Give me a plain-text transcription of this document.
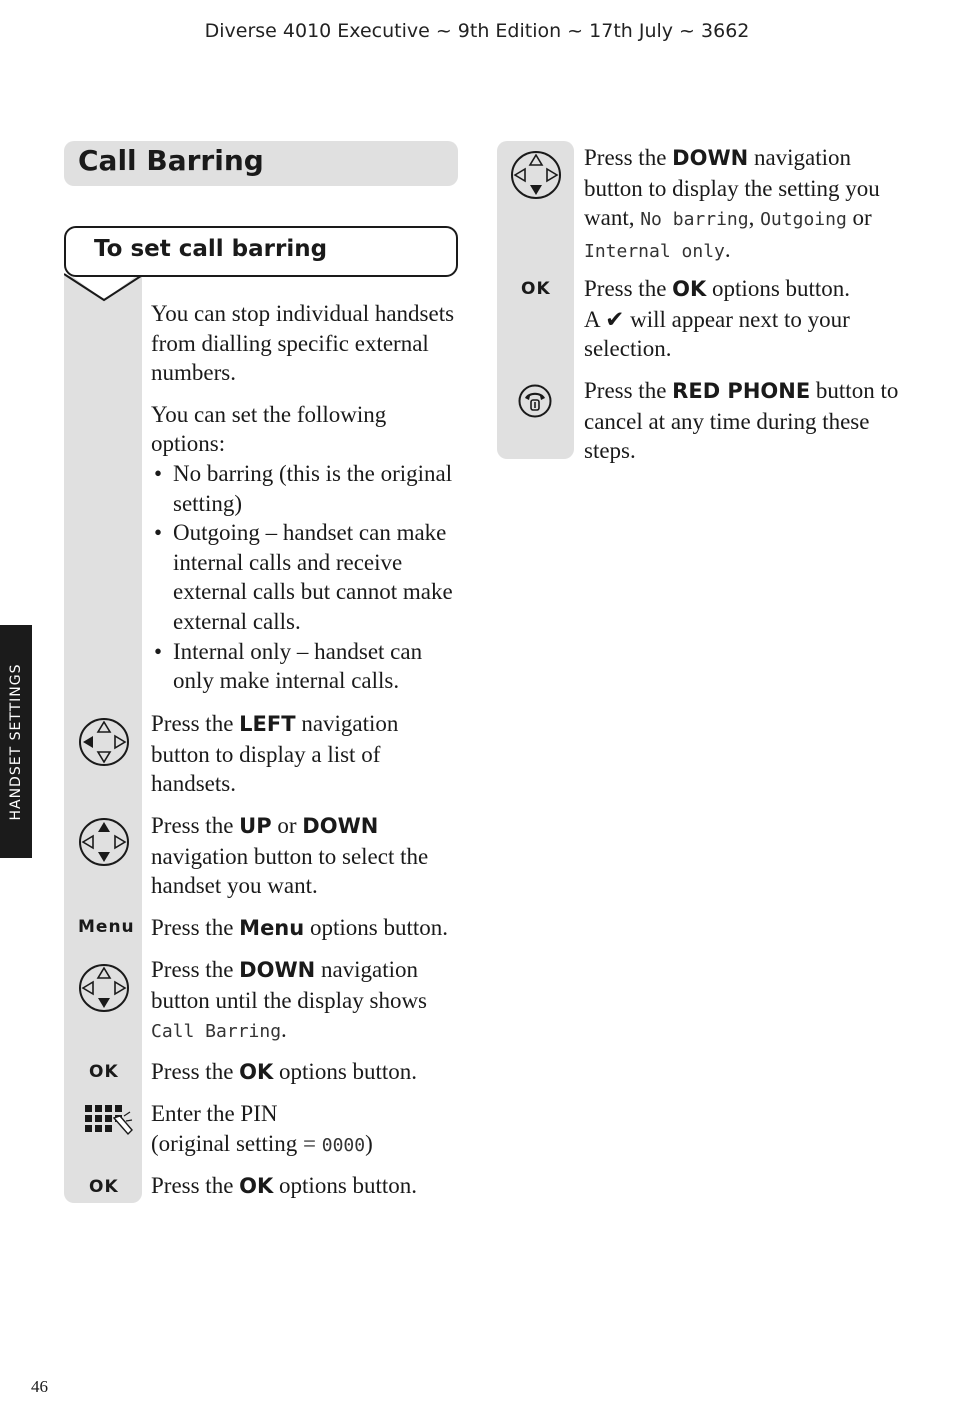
Diverse 4010 Executive ~ 9th Edition ~ 17th July ~ 3662
HANDSET SETTINGS
46
Call Barring
To set call barring

You can stop individual handsets from dialling specific external numbers.

You can set the following options:

• No barring (this is the original setting)
• Outgoing – handset can make internal calls and receive external calls but cannot make external calls.
• Internal only – handset can only make internal calls.
Press the LEFT navigation button to display a list of handsets.
Press the UP or DOWN navigation button to select the handset you want.
Menu Press the Menu options button.
Press the DOWN navigation button until the display shows Call Barring.
OK Press the OK options button.

Enter the PIN

(original setting = 0000)

OK Press the OK options button.
Press the DOWN navigation button to display the setting you want, No barring, Outgoing or Internal only.
OK Press the OK options button.

A ✔ will appear next to your selection.

Press the RED PHONE button to cancel at any time during these steps.
